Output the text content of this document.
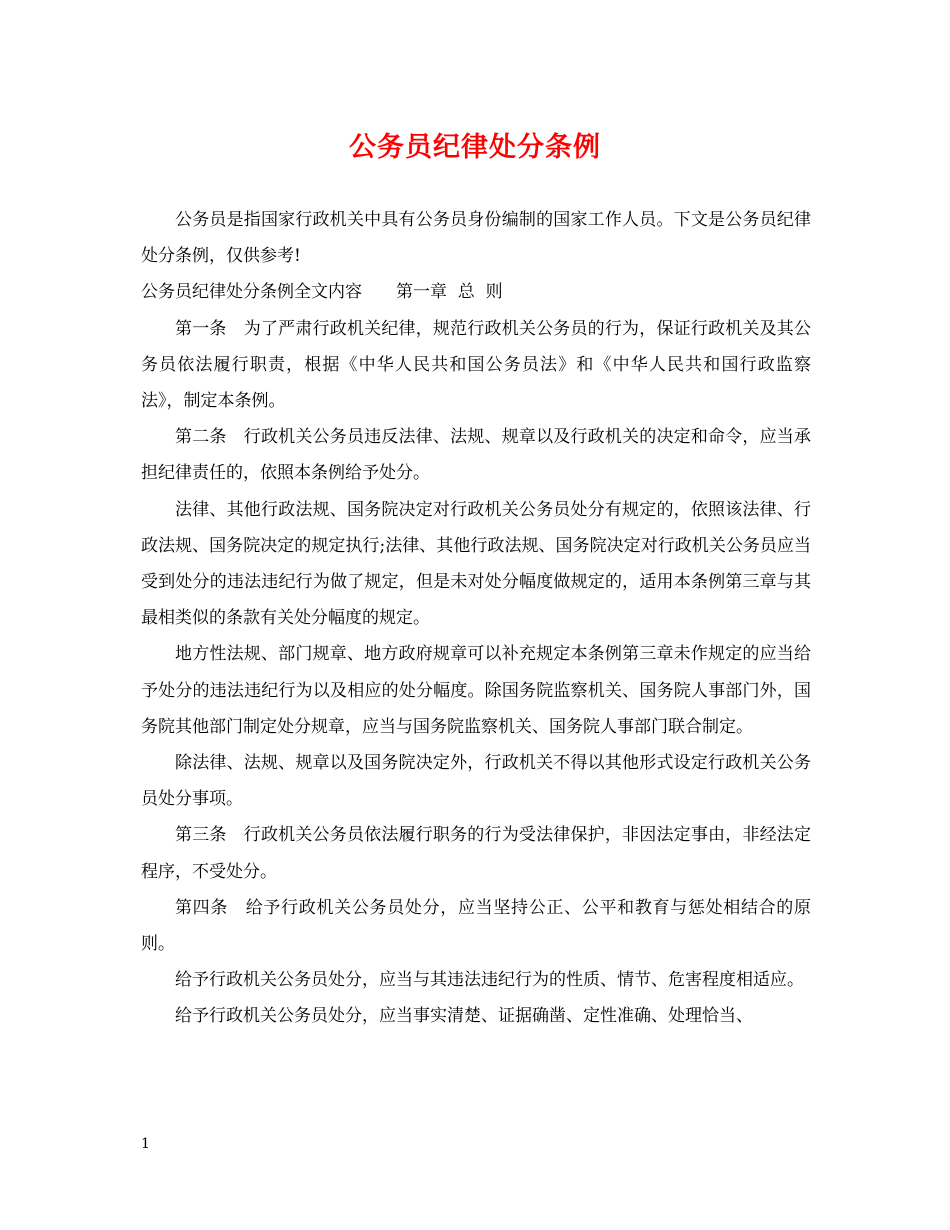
公务员纪律处分条例

公务员是指国家行政机关中具有公务员身份编制的国家工作人员。下文是公务员纪律处分条例，仅供参考!

公务员纪律处分条例全文内容　　第一章  总  则

第一条　为了严肃行政机关纪律，规范行政机关公务员的行为，保证行政机关及其公务员依法履行职责，根据《中华人民共和国公务员法》和《中华人民共和国行政监察法》，制定本条例。

第二条　行政机关公务员违反法律、法规、规章以及行政机关的决定和命令，应当承担纪律责任的，依照本条例给予处分。

法律、其他行政法规、国务院决定对行政机关公务员处分有规定的，依照该法律、行政法规、国务院决定的规定执行;法律、其他行政法规、国务院决定对行政机关公务员应当受到处分的违法违纪行为做了规定，但是未对处分幅度做规定的，适用本条例第三章与其最相类似的条款有关处分幅度的规定。

地方性法规、部门规章、地方政府规章可以补充规定本条例第三章未作规定的应当给予处分的违法违纪行为以及相应的处分幅度。除国务院监察机关、国务院人事部门外，国务院其他部门制定处分规章，应当与国务院监察机关、国务院人事部门联合制定。

除法律、法规、规章以及国务院决定外，行政机关不得以其他形式设定行政机关公务员处分事项。

第三条　行政机关公务员依法履行职务的行为受法律保护，非因法定事由，非经法定程序，不受处分。

第四条　给予行政机关公务员处分，应当坚持公正、公平和教育与惩处相结合的原则。

给予行政机关公务员处分，应当与其违法违纪行为的性质、情节、危害程度相适应。

给予行政机关公务员处分，应当事实清楚、证据确凿、定性准确、处理恰当、

1
